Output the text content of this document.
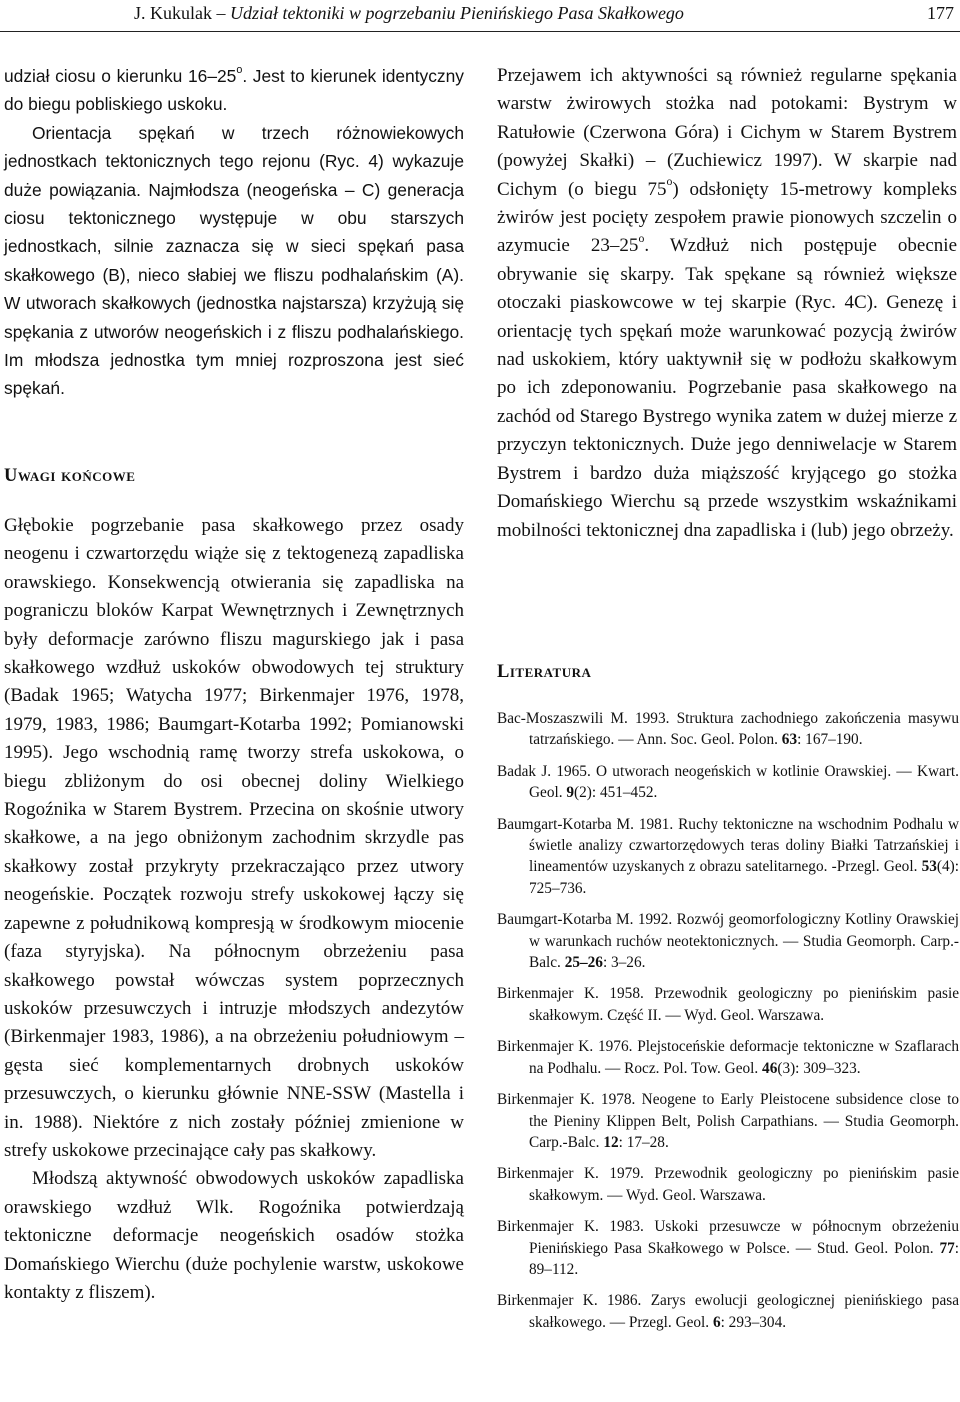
J. Kukulak – Udział tektoniki w pogrzebaniu Pienińskiego Pasa Skałkowego	177

udział ciosu o kierunku 16–25$^o$. Jest to kierunek identyczny do biegu pobliskiego uskoku.

Orientacja spękań w trzech różnowiekowych jednostkach tektonicznych tego rejonu (Ryc. 4) wykazuje duże powiązania. Najmłodsza (neogeńska – C) generacja ciosu tektonicznego występuje w obu starszych jednostkach, silnie zaznacza się w sieci spękań pasa skałkowego (B), nieco słabiej we fliszu podhalańskim (A). W utworach skałkowych (jednostka najstarsza) krzyżują się spękania z utworów neogeńskich i z fliszu podhalańskiego. Im młodsza jednostka tym mniej rozproszona jest sieć spękań.

Uwagi końcowe

Głębokie pogrzebanie pasa skałkowego przez osady neogenu i czwartorzędu wiąże się z tektogenezą zapadliska orawskiego. Konsekwencją otwierania się zapadliska na pograniczu bloków Karpat Wewnętrznych i Zewnętrznych były deformacje zarówno fliszu magurskiego jak i pasa skałkowego wzdłuż uskoków obwodowych tej struktury (Badak 1965; Watycha 1977; Birkenmajer 1976, 1978, 1979, 1983, 1986; Baumgart-Kotarba 1992; Pomianowski 1995). Jego wschodnią ramę tworzy strefa uskokowa, o biegu zbliżonym do osi obecnej doliny Wielkiego Rogoźnika w Starem Bystrem. Przecina on skośnie utwory skałkowe, a na jego obniżonym zachodnim skrzydle pas skałkowy został przykryty przekraczająco przez utwory neogeńskie. Początek rozwoju strefy uskokowej łączy się zapewne z południkową kompresją w środkowym miocenie (faza styryjska). Na północnym obrzeżeniu pasa skałkowego powstał wówczas system poprzecznych uskoków przesuwczych i intruzje młodszych andezytów (Birkenmajer 1983, 1986), a na obrzeżeniu południowym – gęsta sieć komplementarnych drobnych uskoków przesuwczych, o kierunku głównie NNE-SSW (Mastella i in. 1988). Niektóre z nich zostały później zmienione w strefy uskokowe przecinające cały pas skałkowy.

Młodszą aktywność obwodowych uskoków zapadliska orawskiego wzdłuż Wlk. Rogoźnika potwierdzają tektoniczne deformacje neogeńskich osadów stożka Domańskiego Wierchu (duże pochylenie warstw, uskokowe kontakty z fliszem).

Przejawem ich aktywności są również regularne spękania warstw żwirowych stożka nad potokami: Bystrym w Ratułowie (Czerwona Góra) i Cichym w Starem Bystrem (powyżej Skałki) – (Zuchiewicz 1997). W skarpie nad Cichym (o biegu 75$^o$) odsłonięty 15-metrowy kompleks żwirów jest pocięty zespołem prawie pionowych szczelin o azymucie 23–25$^o$. Wzdłuż nich postępuje obecnie obrywanie się skarpy. Tak spękane są również większe otoczaki piaskowcowe w tej skarpie (Ryc. 4C). Genezę i orientację tych spękań może warunkować pozycją żwirów nad uskokiem, który uaktywnił się w podłożu skałkowym po ich zdeponowaniu. Pogrzebanie pasa skałkowego na zachód od Starego Bystrego wynika zatem w dużej mierze z przyczyn tektonicznych. Duże jego denniwelacje w Starem Bystrem i bardzo duża miąższość kryjącego go stożka Domańskiego Wierchu są przede wszystkim wskaźnikami mobilności tektonicznej dna zapadliska i (lub) jego obrzeży.

Literatura

Bac-Moszaszwili M. 1993. Struktura zachodniego zakończenia masywu tatrzańskiego. — Ann. Soc. Geol. Polon. 63: 167–190.

Badak J. 1965. O utworach neogeńskich w kotlinie Orawskiej. — Kwart. Geol. 9(2): 451–452.

Baumgart-Kotarba M. 1981. Ruchy tektoniczne na wschodnim Podhalu w świetle analizy czwartorzędowych teras doliny Białki Tatrzańskiej i lineamentów uzyskanych z obrazu satelitarnego. -Przegl. Geol. 53(4): 725–736.

Baumgart-Kotarba M. 1992. Rozwój geomorfologiczny Kotliny Orawskiej w warunkach ruchów neotektonicznych. — Studia Geomorph. Carp.-Balc. 25–26: 3–26.

Birkenmajer K. 1958. Przewodnik geologiczny po pienińskim pasie skałkowym. Część II. — Wyd. Geol. Warszawa.

Birkenmajer K. 1976. Plejstoceńskie deformacje tektoniczne w Szaflarach na Podhalu. — Rocz. Pol. Tow. Geol. 46(3): 309–323.

Birkenmajer K. 1978. Neogene to Early Pleistocene subsidence close to the Pieniny Klippen Belt, Polish Carpathians. — Studia Geomorph. Carp.-Balc. 12: 17–28.

Birkenmajer K. 1979. Przewodnik geologiczny po pienińskim pasie skałkowym. — Wyd. Geol. Warszawa.

Birkenmajer K. 1983. Uskoki przesuwcze w północnym obrzeżeniu Pienińskiego Pasa Skałkowego w Polsce. — Stud. Geol. Polon. 77: 89–112.

Birkenmajer K. 1986. Zarys ewolucji geologicznej pienińskiego pasa skałkowego. — Przegl. Geol. 6: 293–304.
